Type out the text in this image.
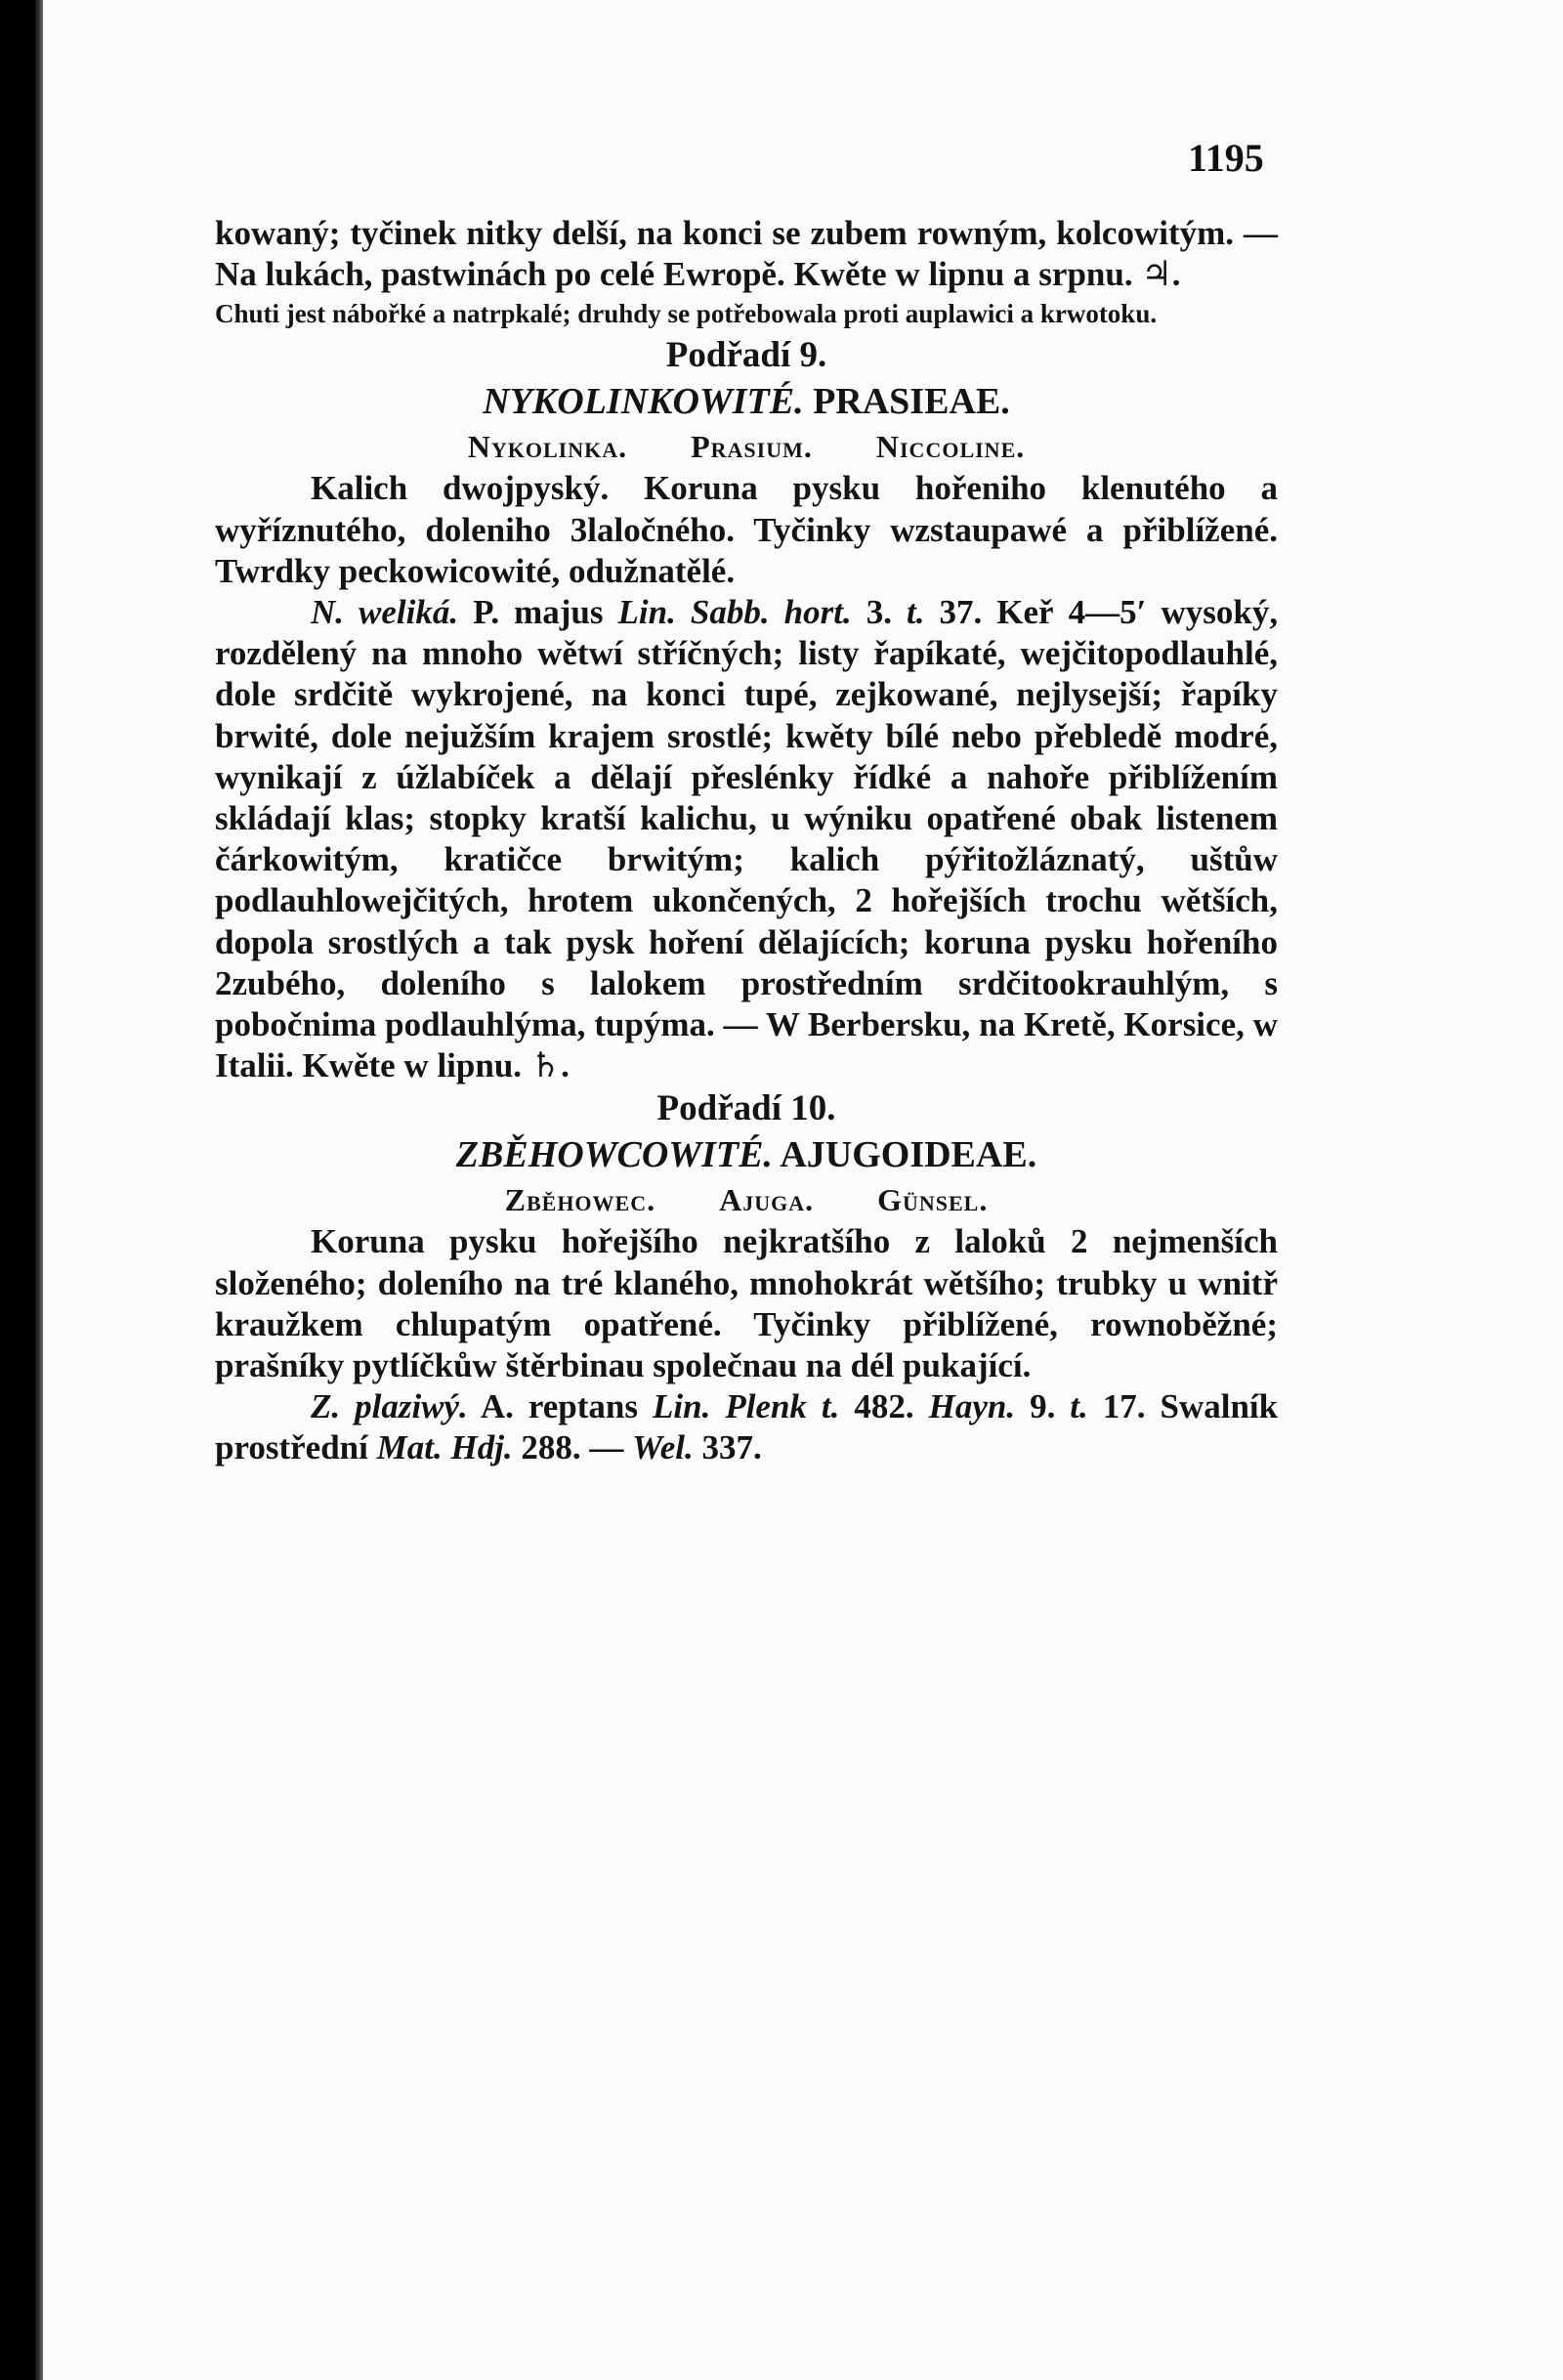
1195

kowaný; tyčinek nitky delší, na konci se zubem rowným, kolcowitým. — Na lukách, pastwinách po celé Ewropě. Kwěte w lipnu a srpnu. ♃.

Chuti jest nábořké a natrpkalé; druhdy se potřebowala proti auplawici a krwotoku.

Podřadí 9.

NYKOLINKOWITÉ. PRASIEAE.

Nykolinka. Prasium. Niccoline.

Kalich dwojpyský. Koruna pysku hořeniho klenutého a wyříznutého, doleniho 3laločného. Tyčinky wzstaupawé a přiblížené. Twrdky peckowicowité, odužnatělé.

N. weliká. P. majus Lin. Sabb. hort. 3. t. 37. Keř 4—5′ wysoký, rozdělený na mnoho wětwí stříčných; listy řapíkaté, wejčitopodlauhlé, dole srdčitě wykrojené, na konci tupé, zejkowané, nejlysejší; řapíky brwité, dole nejužším krajem srostlé; kwěty bílé nebo přebledě modré, wynikají z úžlabíček a dělají přeslénky řídké a nahoře přiblížením skládají klas; stopky kratší kalichu, u wýniku opatřené obak listenem čárkowitým, kratičce brwitým; kalich pýřitožláznatý, uštůw podlauhlowejčitých, hrotem ukončených, 2 hořejších trochu wětších, dopola srostlých a tak pysk hoření dělajících; koruna pysku hořeního 2zubého, doleního s lalokem prostředním srdčitookrauhlým, s pobočnima podlauhlýma, tupýma. — W Berbersku, na Kretě, Korsice, w Italii. Kwěte w lipnu. ♄.

Podřadí 10.

ZBĚHOWCOWITÉ. AJUGOIDEAE.

Zběhowec. Ajuga. Günsel.

Koruna pysku hořejšího nejkratšího z laloků 2 nejmenších složeného; doleního na tré klaného, mnohokrát wětšího; trubky u wnitř kraužkem chlupatým opatřené. Tyčinky přiblížené, rownoběžné; prašníky pytlíčkůw štěrbinau společnau na dél pukající.

Z. plaziwý. A. reptans Lin. Plenk t. 482. Hayn. 9. t. 17. Swalník prostřední Mat. Hdj. 288. — Wel. 337.
